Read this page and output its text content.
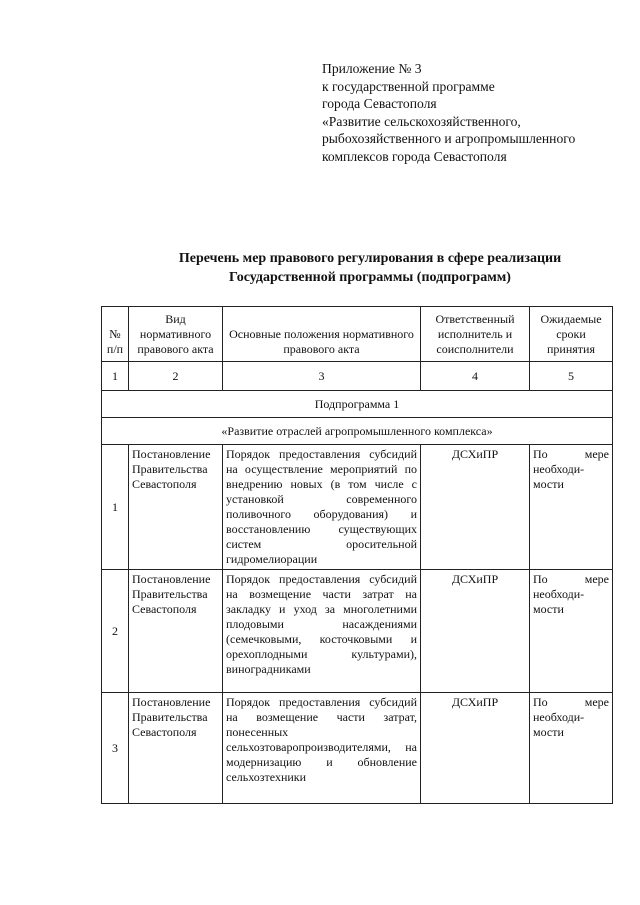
Приложение № 3
к государственной программе
города Севастополя
«Развитие сельскохозяйственного,
рыбохозяйственного и агропромышленного
комплексов города Севастополя
Перечень мер правового регулирования в сфере реализации
Государственной программы (подпрограмм)
№ п/п	Вид нормативного правового акта	Основные положения нормативного правового акта	Ответственный исполнитель и соисполнители	Ожидаемые сроки принятия
1	2	3	4	5
Подпрограмма 1				
«Развитие отраслей агропромышленного комплекса»				
1	Постановление Правительства Севастополя	Порядок предоставления субсидий на осуществление мероприятий по внедрению новых (в том числе с установкой современного поливочного оборудования) и восстановлению существующих систем оросительной гидромелиорации	ДСХиПР	По мере необходи-мости
2	Постановление Правительства Севастополя	Порядок предоставления субсидий на возмещение части затрат на закладку и уход за многолетними плодовыми насаждениями (семечковыми, косточковыми и орехоплодными культурами), виноградниками	ДСХиПР	По мере необходи-мости
3	Постановление Правительства Севастополя	Порядок предоставления субсидий на возмещение части затрат, понесенных сельхозтоваропроизводителями, на модернизацию и обновление сельхозтехники	ДСХиПР	По мере необходи-мости
